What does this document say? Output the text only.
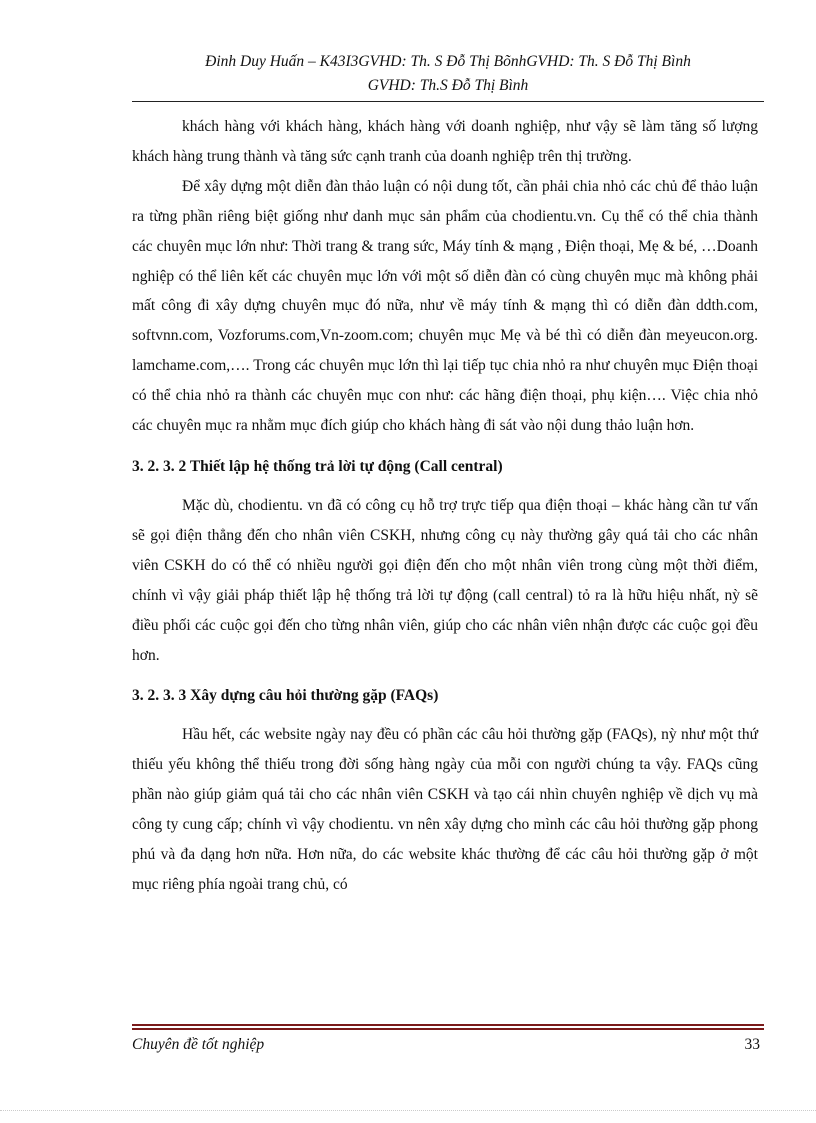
Đinh Duy Huấn – K43I3GVHD: Th. S Đỗ Thị BõnhGVHD: Th. S Đỗ Thị Bình
GVHD: Th.S Đỗ Thị Bình

khách hàng với khách hàng, khách hàng với doanh nghiệp, như vậy sẽ làm tăng số lượng khách hàng trung thành và tăng sức cạnh tranh của doanh nghiệp trên thị trường.

Để xây dựng một diễn đàn thảo luận có nội dung tốt, cần phải chia nhỏ các chủ để thảo luận ra từng phần riêng biệt giống như danh mục sản phẩm của chodientu.vn. Cụ thể có thể chia thành các chuyên mục lớn như: Thời trang & trang sức, Máy tính & mạng , Điện thoại, Mẹ & bé, …Doanh nghiệp có thể liên kết các chuyên mục lớn với một số diễn đàn có cùng chuyên mục mà không phải mất công đi xây dựng chuyên mục đó nữa, như về máy tính & mạng thì có diễn đàn ddth.com, softvnn.com, Vozforums.com,Vn-zoom.com; chuyên mục Mẹ và bé thì có diễn đàn meyeucon.org. lamchame.com,…. Trong các chuyên mục lớn thì lại tiếp tục chia nhỏ ra như chuyên mục Điện thoại có thể chia nhỏ ra thành các chuyên mục con như: các hãng điện thoại, phụ kiện…. Việc chia nhỏ các chuyên mục ra nhằm mục đích giúp cho khách hàng đi sát vào nội dung thảo luận hơn.

3. 2. 3. 2 Thiết lập hệ thống trả lời tự động (Call central)

Mặc dù, chodientu. vn đã có công cụ hỗ trợ trực tiếp qua điện thoại – khác hàng cần tư vấn sẽ gọi điện thẳng đến cho nhân viên CSKH, nhưng công cụ này thường gây quá tải cho các nhân viên CSKH do có thể có nhiều người gọi điện đến cho một nhân viên trong cùng một thời điểm, chính vì vậy giải pháp thiết lập hệ thống trả lời tự động (call central) tỏ ra là hữu hiệu nhất, nỳ sẽ điều phối các cuộc gọi đến cho từng nhân viên, giúp cho các nhân viên nhận được các cuộc gọi đều hơn.

3. 2. 3. 3 Xây dựng câu hỏi thường gặp (FAQs)

Hầu hết, các website ngày nay đều có phần các câu hỏi thường gặp (FAQs), nỳ như một thứ thiếu yếu không thể thiếu trong đời sống hàng ngày của mỗi con người chúng ta vậy. FAQs cũng phần nào giúp giảm quá tải cho các nhân viên CSKH và tạo cái nhìn chuyên nghiệp về dịch vụ mà công ty cung cấp; chính vì vậy chodientu. vn nên xây dựng cho mình các câu hỏi thường gặp phong phú và đa dạng hơn nữa. Hơn nữa, do các website khác thường để các câu hỏi thường gặp ở một mục riêng phía ngoài trang chủ, có

Chuyên đề tốt nghiệp	33
